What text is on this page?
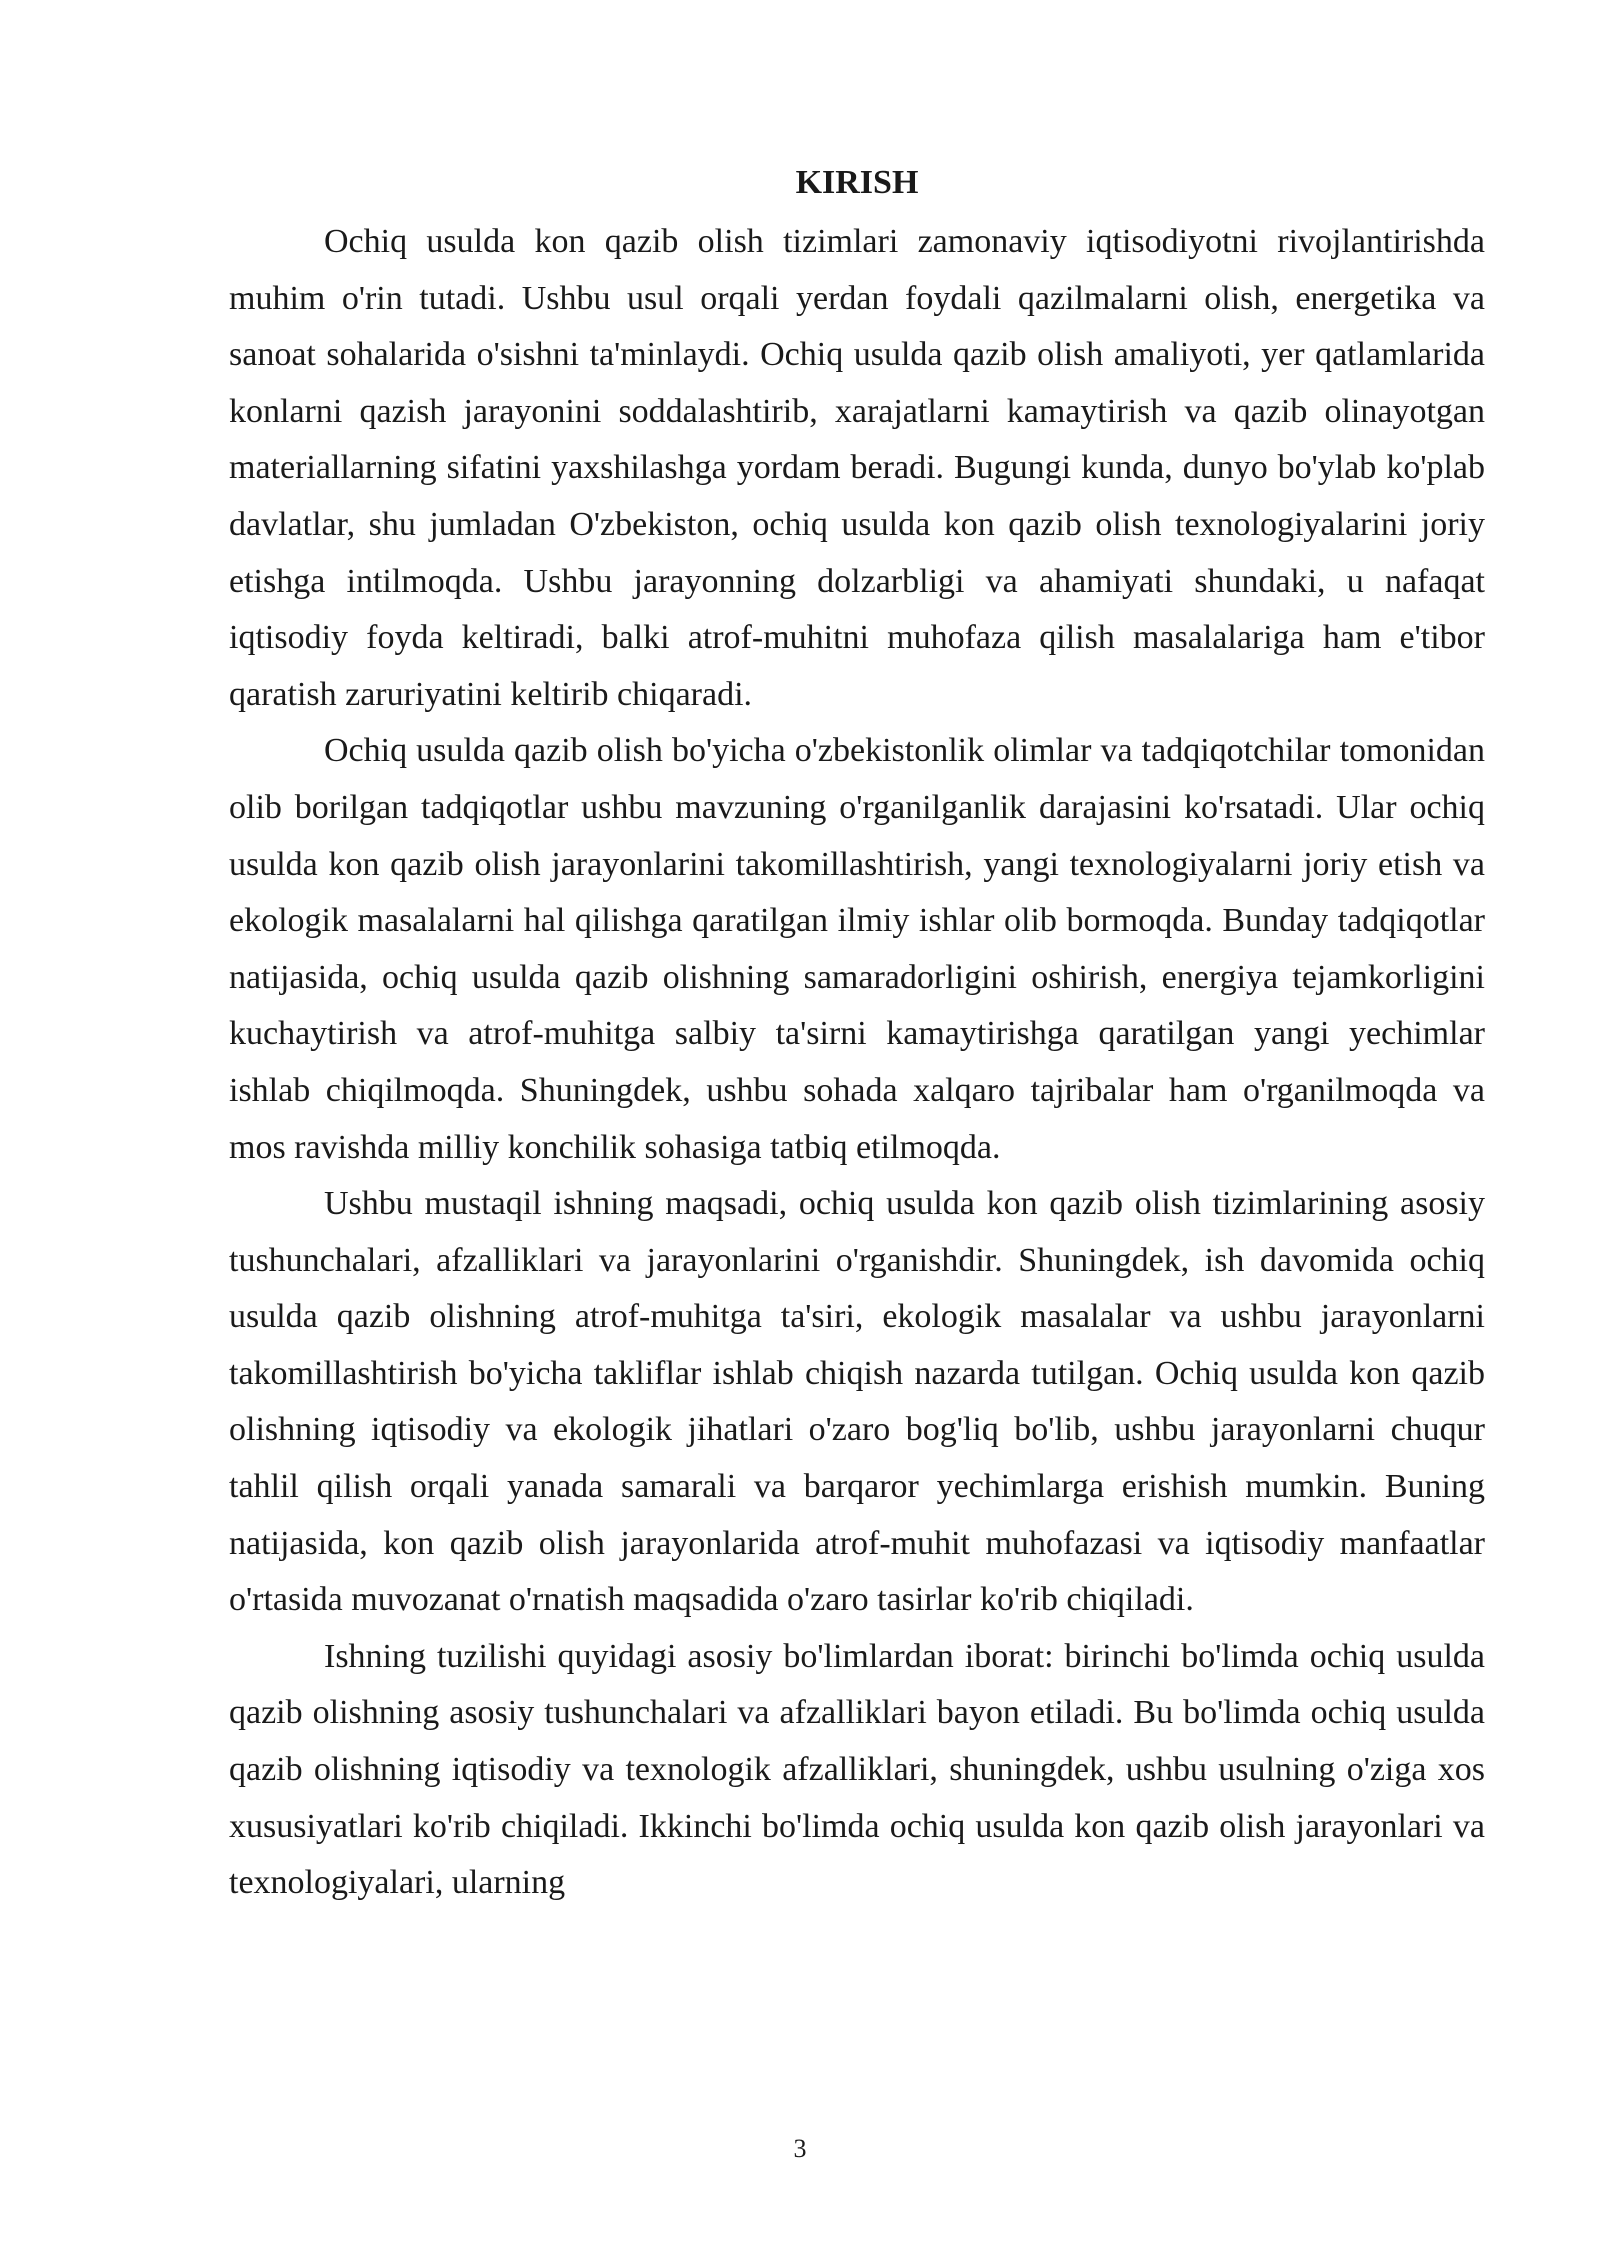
KIRISH

Ochiq usulda kon qazib olish tizimlari zamonaviy iqtisodiyotni rivojlantirishda muhim o'rin tutadi. Ushbu usul orqali yerdan foydali qazilmalarni olish, energetika va sanoat sohalarida o'sishni ta'minlaydi. Ochiq usulda qazib olish amaliyoti, yer qatlamlarida konlarni qazish jarayonini soddalashtirib, xarajatlarni kamaytirish va qazib olinayotgan materiallarning sifatini yaxshilashga yordam beradi. Bugungi kunda, dunyo bo'ylab ko'plab davlatlar, shu jumladan O'zbekiston, ochiq usulda kon qazib olish texnologiyalarini joriy etishga intilmoqda. Ushbu jarayonning dolzarbligi va ahamiyati shundaki, u nafaqat iqtisodiy foyda keltiradi, balki atrof-muhitni muhofaza qilish masalalariga ham e'tibor qaratish zaruriyatini keltirib chiqaradi.

Ochiq usulda qazib olish bo'yicha o'zbekistonlik olimlar va tadqiqotchilar tomonidan olib borilgan tadqiqotlar ushbu mavzuning o'rganilganlik darajasini ko'rsatadi. Ular ochiq usulda kon qazib olish jarayonlarini takomillashtirish, yangi texnologiyalarni joriy etish va ekologik masalalarni hal qilishga qaratilgan ilmiy ishlar olib bormoqda. Bunday tadqiqotlar natijasida, ochiq usulda qazib olishning samaradorligini oshirish, energiya tejamkorligini kuchaytirish va atrof-muhitga salbiy ta'sirni kamaytirishga qaratilgan yangi yechimlar ishlab chiqilmoqda. Shuningdek, ushbu sohada xalqaro tajribalar ham o'rganilmoqda va mos ravishda milliy konchilik sohasiga tatbiq etilmoqda.

Ushbu mustaqil ishning maqsadi, ochiq usulda kon qazib olish tizimlarining asosiy tushunchalari, afzalliklari va jarayonlarini o'rganishdir. Shuningdek, ish davomida ochiq usulda qazib olishning atrof-muhitga ta'siri, ekologik masalalar va ushbu jarayonlarni takomillashtirish bo'yicha takliflar ishlab chiqish nazarda tutilgan. Ochiq usulda kon qazib olishning iqtisodiy va ekologik jihatlari o'zaro bog'liq bo'lib, ushbu jarayonlarni chuqur tahlil qilish orqali yanada samarali va barqaror yechimlarga erishish mumkin. Buning natijasida, kon qazib olish jarayonlarida atrof-muhit muhofazasi va iqtisodiy manfaatlar o'rtasida muvozanat o'rnatish maqsadida o'zaro tasirlar ko'rib chiqiladi.

Ishning tuzilishi quyidagi asosiy bo'limlardan iborat: birinchi bo'limda ochiq usulda qazib olishning asosiy tushunchalari va afzalliklari bayon etiladi. Bu bo'limda ochiq usulda qazib olishning iqtisodiy va texnologik afzalliklari, shuningdek, ushbu usulning o'ziga xos xususiyatlari ko'rib chiqiladi. Ikkinchi bo'limda ochiq usulda kon qazib olish jarayonlari va texnologiyalari, ularning

3
